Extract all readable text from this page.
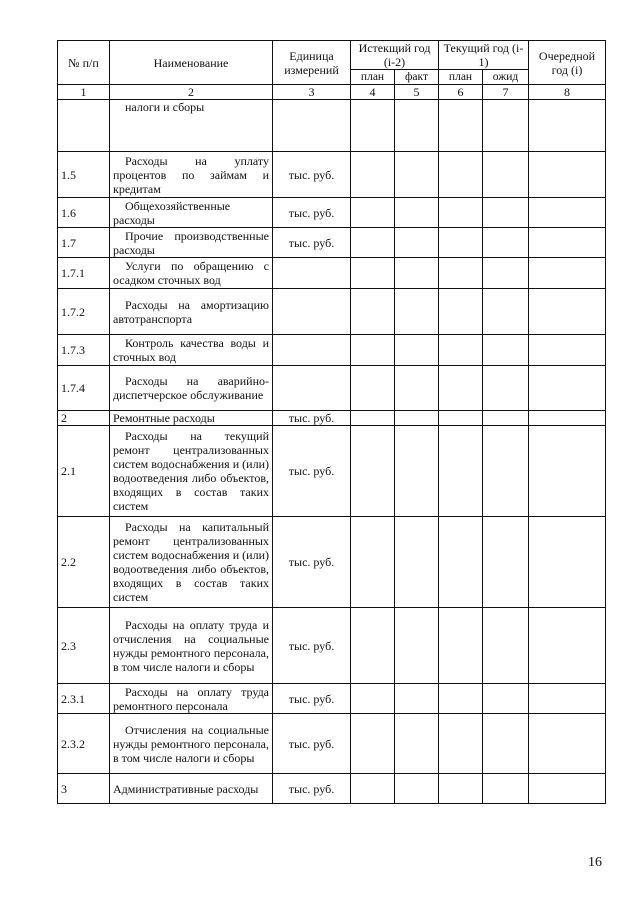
№ п/п	Наименование	Единица измерений	Истекщий год (i-2)		Текущий год (i-1)		Очередной год (i)
			план	факт	план	ожид	
1	2	3	4	5	6	7	8
	налоги и сборы						
1.5	Расходы на уплату процентов по займам и кредитам	тыс. руб.					
1.6	Общехозяйственные расходы	тыс. руб.					
1.7	Прочие производственные расходы	тыс. руб.					
1.7.1	Услуги по обращению с осадком сточных вод						
1.7.2	Расходы на амортизацию автотранспорта						
1.7.3	Контроль качества воды и сточных вод						
1.7.4	Расходы на аварийно-диспетчерское обслуживание						
2	Ремонтные расходы	тыс. руб.					
2.1	Расходы на текущий ремонт централизованных систем водоснабжения и (или) водоотведения либо объектов, входящих в состав таких систем	тыс. руб.					
2.2	Расходы на капитальный ремонт централизованных систем водоснабжения и (или) водоотведения либо объектов, входящих в состав таких систем	тыс. руб.					
2.3	Расходы на оплату труда и отчисления на социальные нужды ремонтного персонала, в том числе налоги и сборы	тыс. руб.					
2.3.1	Расходы на оплату труда ремонтного персонала	тыс. руб.					
2.3.2	Отчисления на социальные нужды ремонтного персонала, в том числе налоги и сборы	тыс. руб.					
3	Административные расходы	тыс. руб.					
16
